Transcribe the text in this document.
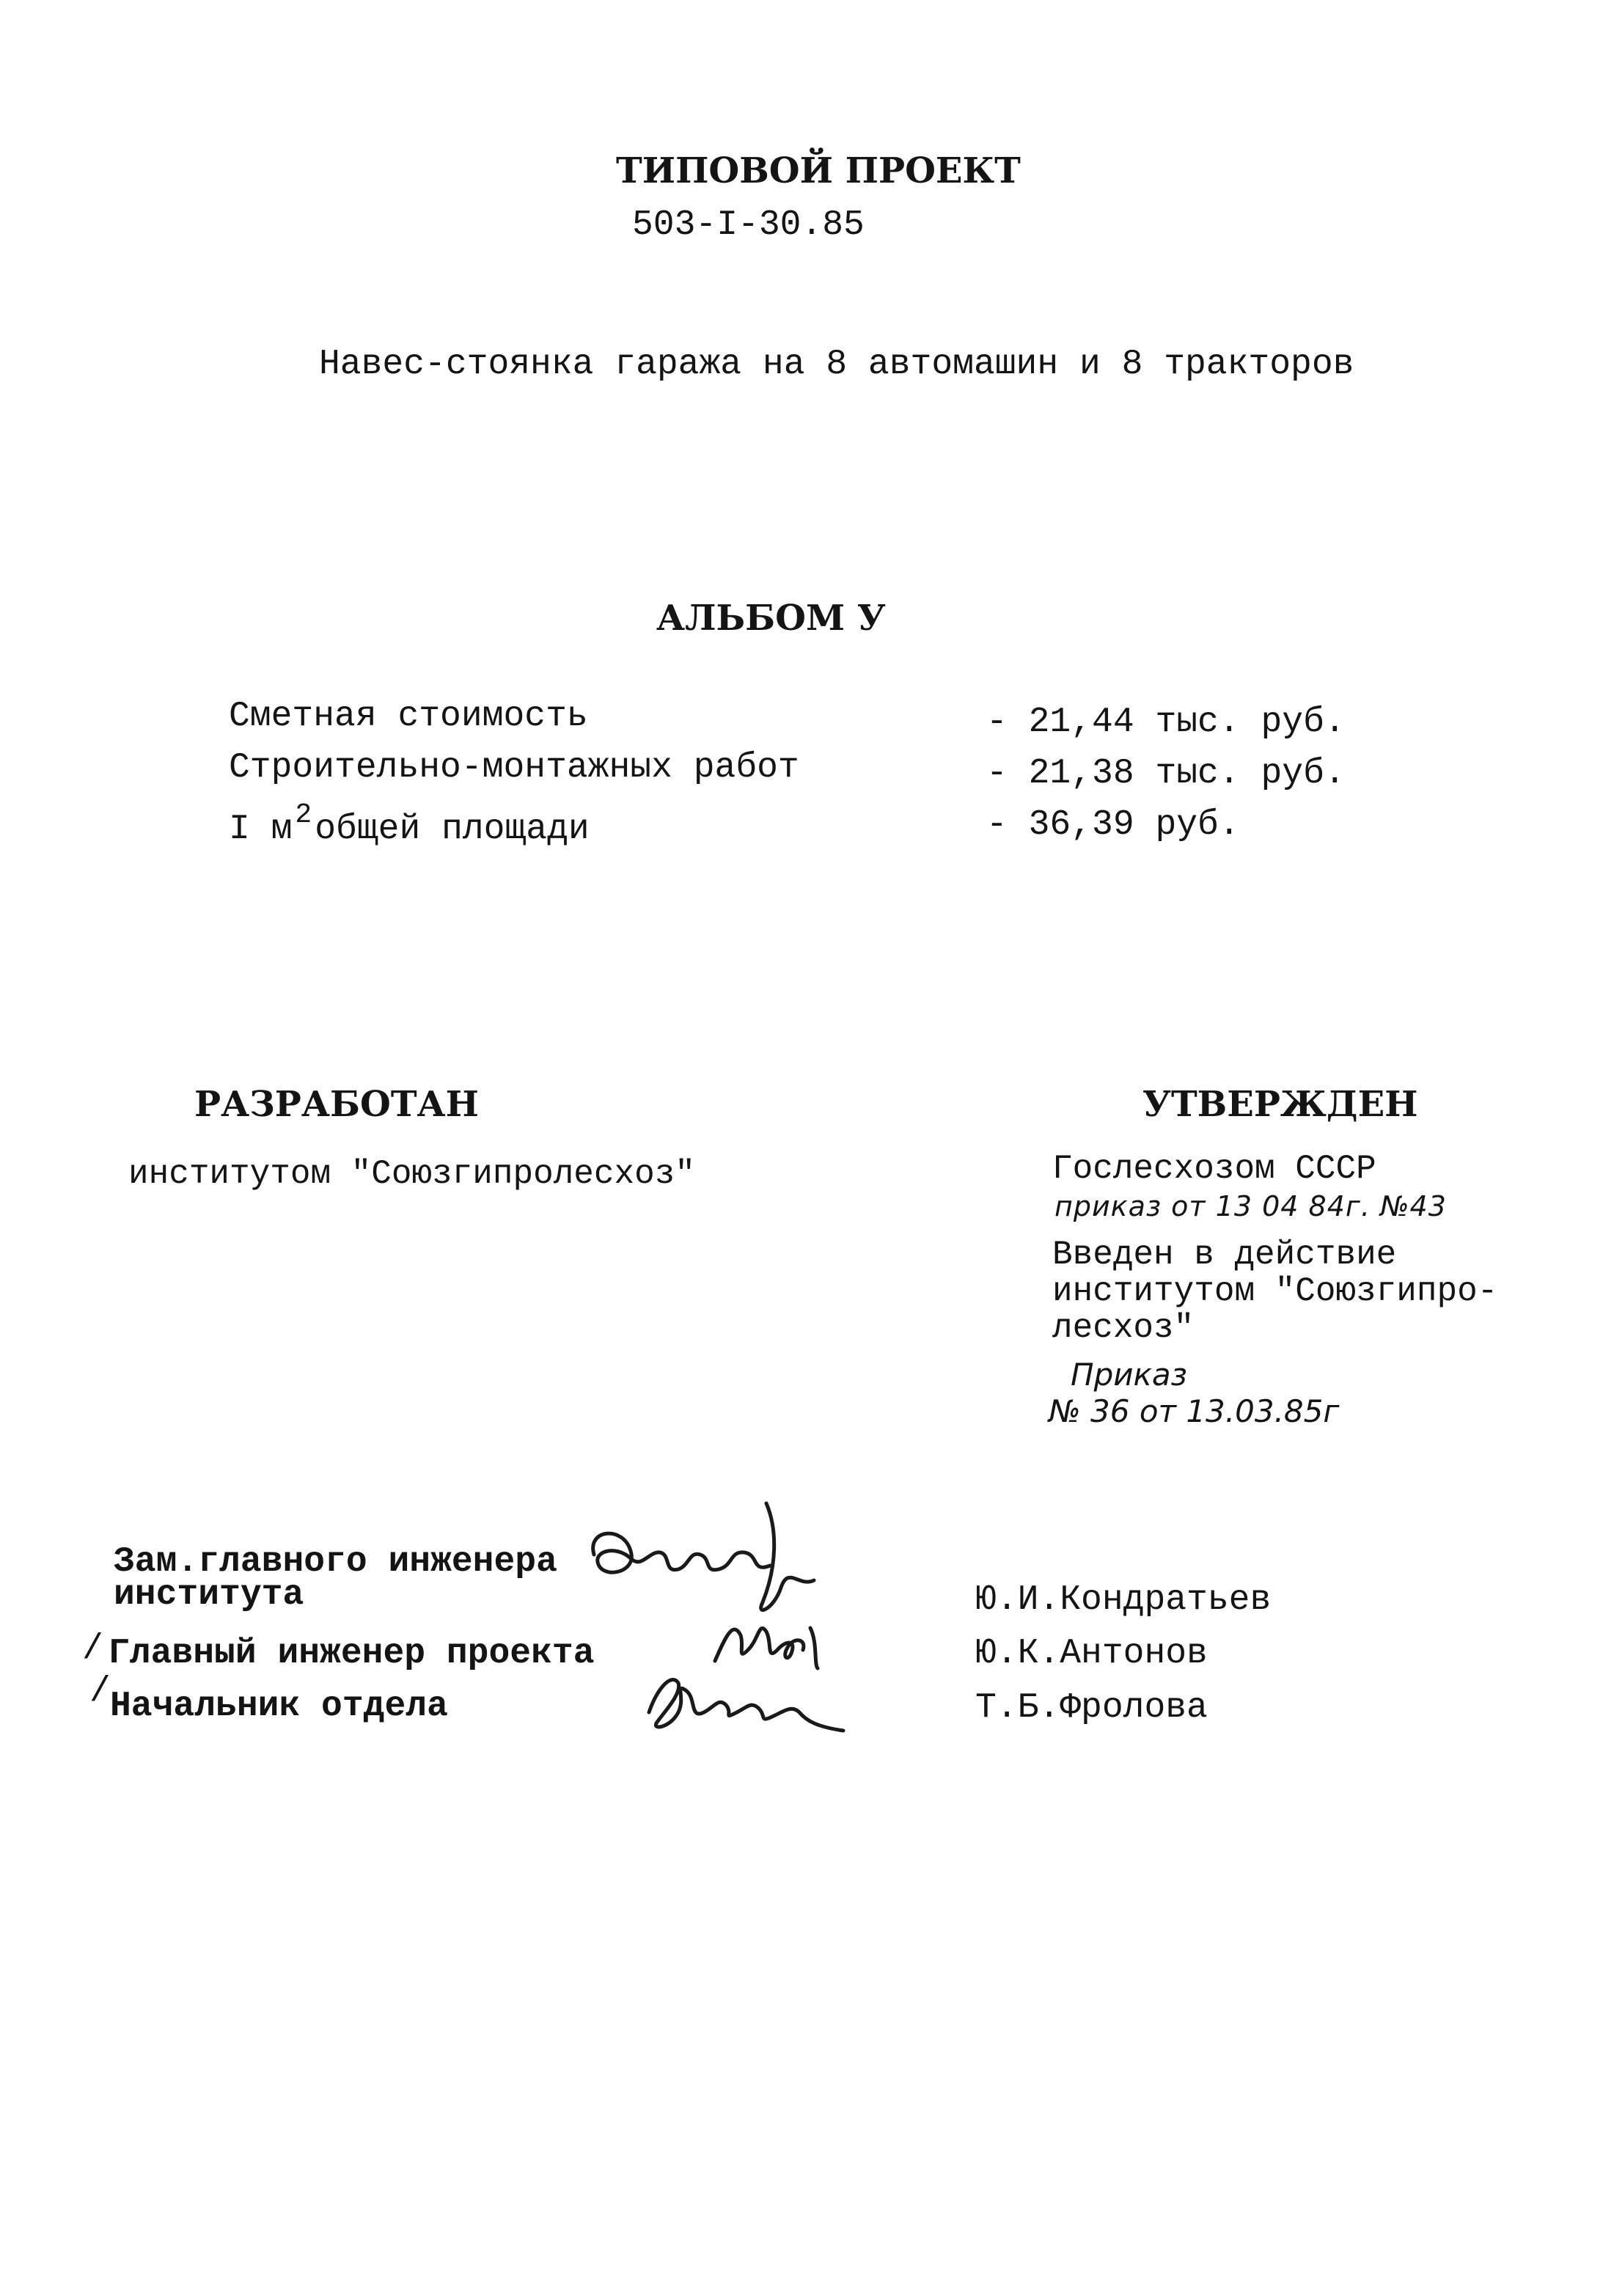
ТИПОВОЙ ПРОЕКТ
503-I-30.85
Навес-стоянка гаража на 8 автомашин и 8 тракторов
АЛЬБОМ У
Сметная стоимость	- 21,44 тыс. руб.
Строительно-монтажных работ	- 21,38 тыс. руб.
I м $^2$общей площади	- 36,39 руб.
РАЗРАБОТАН
институтом "Союзгипролесхоз"
УТВЕРЖДЕН
Гослесхозом СССР
приказ от 13 04 84г. №43
Введен в действие
институтом "Союзгипро-
лесхоз"
Приказ
№ 36 от 13.03.85г
Зам.главного инженера
института	Ю.И.Кондратьев
/ Главный инженер проекта	Ю.К.Антонов
/ Начальник отдела	Т.Б.Фролова
